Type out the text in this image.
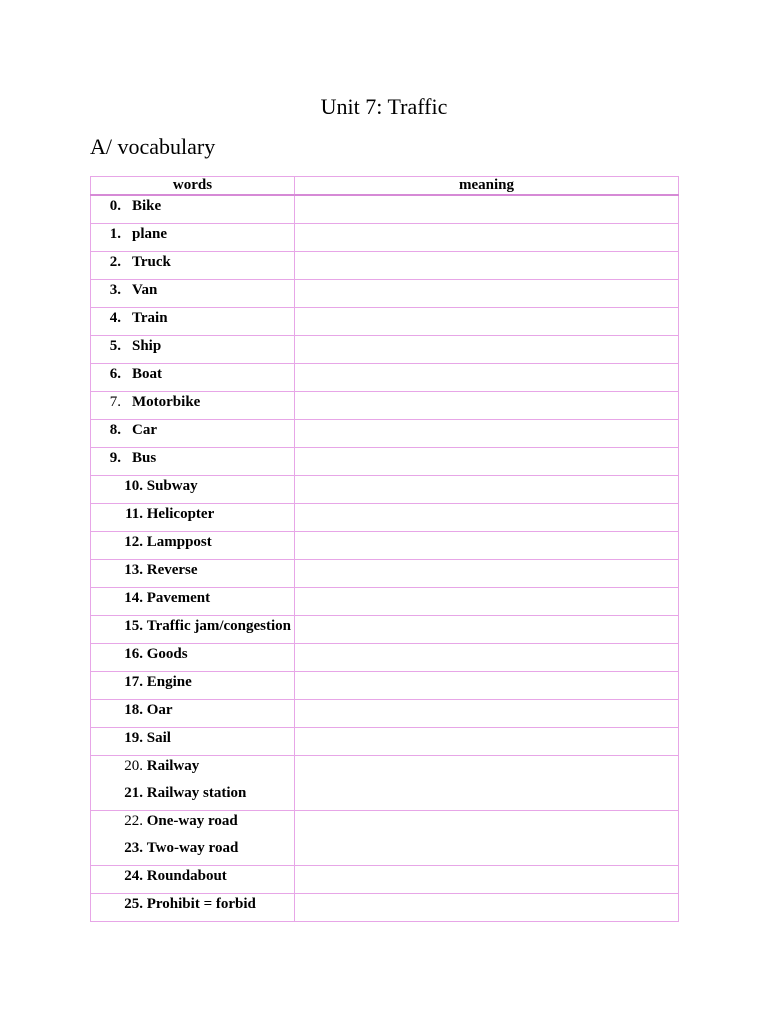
Unit 7: Traffic
A/ vocabulary
words	meaning

0. Bike	

1. plane	

2. Truck	

3. Van	

4. Train	

5. Ship	

6. Boat	

7. Motorbike	

8. Car	

9. Bus	

10. Subway	

11. Helicopter	

12. Lamppost	

13. Reverse	

14. Pavement	

15. Traffic jam/congestion	

16. Goods	

17. Engine	

18. Oar	

19. Sail	

20. Railway
21. Railway station	

22. One-way road
23. Two-way road	

24. Roundabout	

25. Prohibit = forbid	
